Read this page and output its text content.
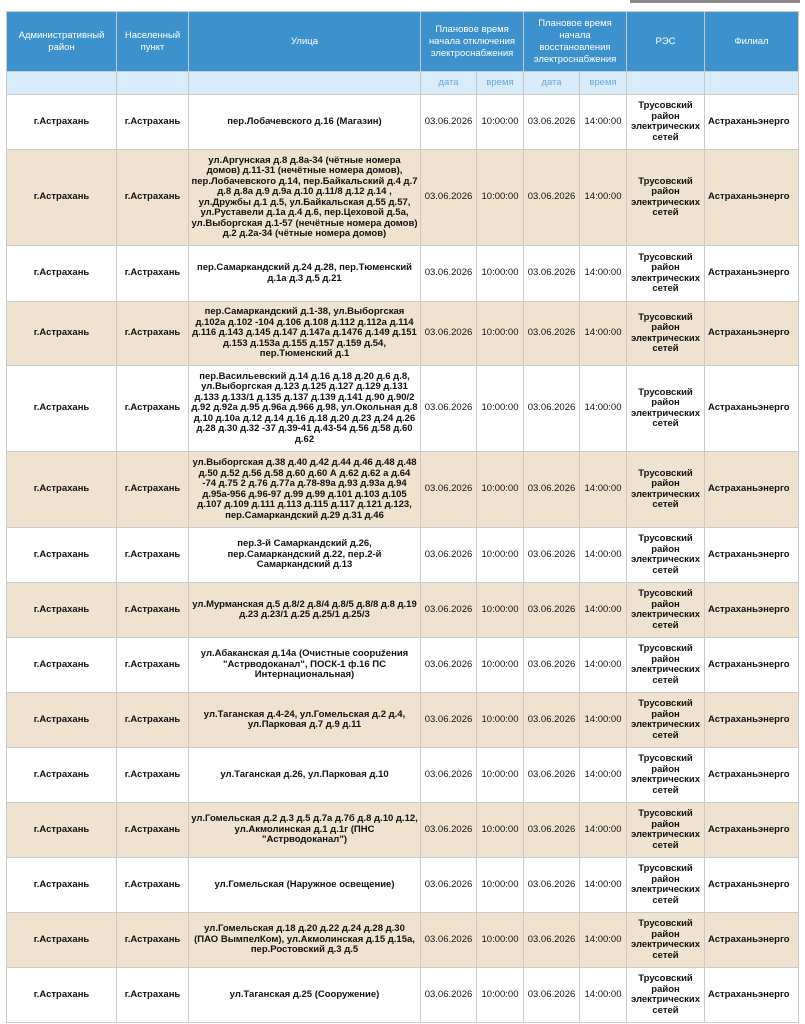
Административный район	Населенный пункт	Улица	Плановое время начала отключения электроснабжения		Плановое время начала восстановления электроснабжения		РЭС	Филиал
			дата	время	дата	время		
г.Астрахань	г.Астрахань	пер.Лобачевского д.16 (Магазин)	03.06.2026	10:00:00	03.06.2026	14:00:00	Трусовский район электрических сетей	Астраханьэнерго
г.Астрахань	г.Астрахань	ул.Аргунская д.8 д.8а-34 (чётные номера домов) д.11-31 (нечётные номера домов), пер.Лобачевского д.14, пер.Байкальский д.4 д.7 д.8 д.8а д.9 д.9а д.10 д.11/8 д.12 д.14 , ул.Дружбы д.1 д.5, ул.Байкальская д.55 д.57, ул.Руставели д.1а д.4 д.6, пер.Цеховой д.5а, ул.Выборгская д.1-57 (нечётные номера домов) д.2 д.2а-34 (чётные номера домов)	03.06.2026	10:00:00	03.06.2026	14:00:00	Трусовский район электрических сетей	Астраханьэнерго
г.Астрахань	г.Астрахань	пер.Самаркандский д.24 д.28, пер.Тюменский д.1а д.3 д.5 д.21	03.06.2026	10:00:00	03.06.2026	14:00:00	Трусовский район электрических сетей	Астраханьэнерго
г.Астрахань	г.Астрахань	пер.Самаркандский д.1-38, ул.Выборгская д.102а д.102 -104 д.106 д.108 д.112 д.112а д.114 д.116 д.143 д.145 д.147 д.147а д.1476 д.149 д.151 д.153 д.153а д.155 д.157 д.159 д.54, пер.Тюменский д.1	03.06.2026	10:00:00	03.06.2026	14:00:00	Трусовский район электрических сетей	Астраханьэнерго
г.Астрахань	г.Астрахань	пер.Васильевский д.14 д.16 д.18 д.20 д.6 д.8, ул.Выборгская д.123 д.125 д.127 д.129 д.131 д.133 д.133/1 д.135 д.137 д.139 д.141 д.90 д.90/2 д.92 д.92а д.95 д.96а д.966 д.98, ул.Окольная д.8 д.10 д.10а д.12 д.14 д.16 д.18 д.20 д.23 д.24 д.26 д.28 д.30 д.32 -37 д.39-41 д.43-54 д.56 д.58 д.60 д.62	03.06.2026	10:00:00	03.06.2026	14:00:00	Трусовский район электрических сетей	Астраханьэнерго
г.Астрахань	г.Астрахань	ул.Выборгская д.38 д.40 д.42 д.44 д.46 д.48 д.48 д.50 д.52 д.56 д.58 д.60 д.60 А д.62 д.62 а д.64 -74 д.75 2 д.76 д.77а д.78-89а д.93 д.93а д.94 д.95а-956 д.96-97 д.99 д.99 д.101 д.103 д.105 д.107 д.109 д.111 д.113 д.115 д.117 д.121 д.123, пер.Самаркандский д.29 д.31 д.46	03.06.2026	10:00:00	03.06.2026	14:00:00	Трусовский район электрических сетей	Астраханьэнерго
г.Астрахань	г.Астрахань	пер.3-й Самаркандский д.26, пер.Самаркандский д.22, пер.2-й Самаркандский д.13	03.06.2026	10:00:00	03.06.2026	14:00:00	Трусовский район электрических сетей	Астраханьэнерго
г.Астрахань	г.Астрахань	ул.Мурманская д.5 д.8/2 д.8/4 д.8/5 д.8/8 д.8 д.19 д.23 д.23/1 д.25 д.25/1 д.25/3	03.06.2026	10:00:00	03.06.2026	14:00:00	Трусовский район электрических сетей	Астраханьэнерго
г.Астрахань	г.Астрахань	ул.Абаканская д.14а (Очистные соорužения "Астрводоканал", ПОСК-1 ф.16 ПС Интернациональная)	03.06.2026	10:00:00	03.06.2026	14:00:00	Трусовский район электрических сетей	Астраханьэнерго
г.Астрахань	г.Астрахань	ул.Таганская д.4-24, ул.Гомельская д.2 д.4, ул.Парковая д.7 д.9 д.11	03.06.2026	10:00:00	03.06.2026	14:00:00	Трусовский район электрических сетей	Астраханьэнерго
г.Астрахань	г.Астрахань	ул.Таганская д.26, ул.Парковая д.10	03.06.2026	10:00:00	03.06.2026	14:00:00	Трусовский район электрических сетей	Астраханьэнерго
г.Астрахань	г.Астрахань	ул.Гомельская д.2 д.3 д.5 д.7а д.7б д.8 д.10 д.12, ул.Акмолинская д.1 д.1г (ПНС "Астрводоканал")	03.06.2026	10:00:00	03.06.2026	14:00:00	Трусовский район электрических сетей	Астраханьэнерго
г.Астрахань	г.Астрахань	ул.Гомельская (Наружное освещение)	03.06.2026	10:00:00	03.06.2026	14:00:00	Трусовский район электрических сетей	Астраханьэнерго
г.Астрахань	г.Астрахань	ул.Гомельская д.18 д.20 д.22 д.24 д.28 д.30 (ПАО ВымпелКом), ул.Акмолинская д.15 д.15а, пер.Ростовский д.3 д.5	03.06.2026	10:00:00	03.06.2026	14:00:00	Трусовский район электрических сетей	Астраханьэнерго
г.Астрахань	г.Астрахань	ул.Таганская д.25 (Сооружение)	03.06.2026	10:00:00	03.06.2026	14:00:00	Трусовский район электрических сетей	Астраханьэнерго
